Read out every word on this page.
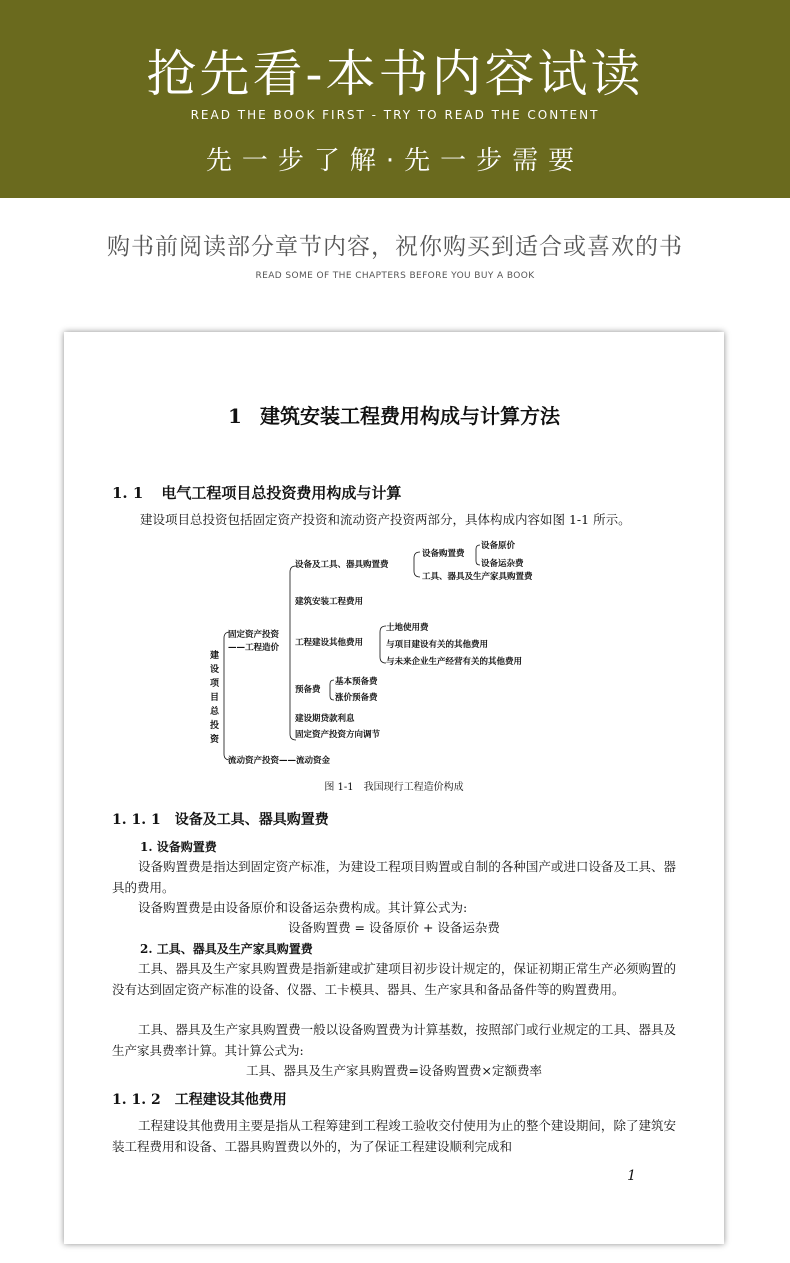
抢先看-本书内容试读
READ THE BOOK FIRST - TRY TO READ THE CONTENT
先一步了解·先一步需要
购书前阅读部分章节内容，祝你购买到适合或喜欢的书
READ SOME OF THE CHAPTERS BEFORE YOU BUY A BOOK
1 建筑安装工程费用构成与计算方法
1. 1 电气工程项目总投资费用构成与计算
建设项目总投资包括固定资产投资和流动资产投资两部分，具体构成内容如图 1-1 所示。
建设项目总投资
固定资产投资
——工程造价
设备及工具、器具购置费
设备购置费
设备原价
设备运杂费
工具、器具及生产家具购置费
建筑安装工程费用
工程建设其他费用
土地使用费
与项目建设有关的其他费用
与未来企业生产经营有关的其他费用
预备费
基本预备费
涨价预备费
建设期贷款利息
固定资产投资方向调节
流动资产投资——流动资金
图 1-1　我国现行工程造价构成
1. 1. 1 设备及工具、器具购置费
1. 设备购置费
设备购置费是指达到固定资产标准，为建设工程项目购置或自制的各种国产或进口设备及工具、器具的费用。
设备购置费是由设备原价和设备运杂费构成。其计算公式为:
设备购置费 = 设备原价 + 设备运杂费
2. 工具、器具及生产家具购置费
工具、器具及生产家具购置费是指新建或扩建项目初步设计规定的，保证初期正常生产必须购置的没有达到固定资产标准的设备、仪器、工卡模具、器具、生产家具和备品备件等的购置费用。
工具、器具及生产家具购置费一般以设备购置费为计算基数，按照部门或行业规定的工具、器具及生产家具费率计算。其计算公式为:
工具、器具及生产家具购置费=设备购置费×定额费率
1. 1. 2 工程建设其他费用
工程建设其他费用主要是指从工程筹建到工程竣工验收交付使用为止的整个建设期间，除了建筑安装工程费用和设备、工器具购置费以外的，为了保证工程建设顺利完成和
1
